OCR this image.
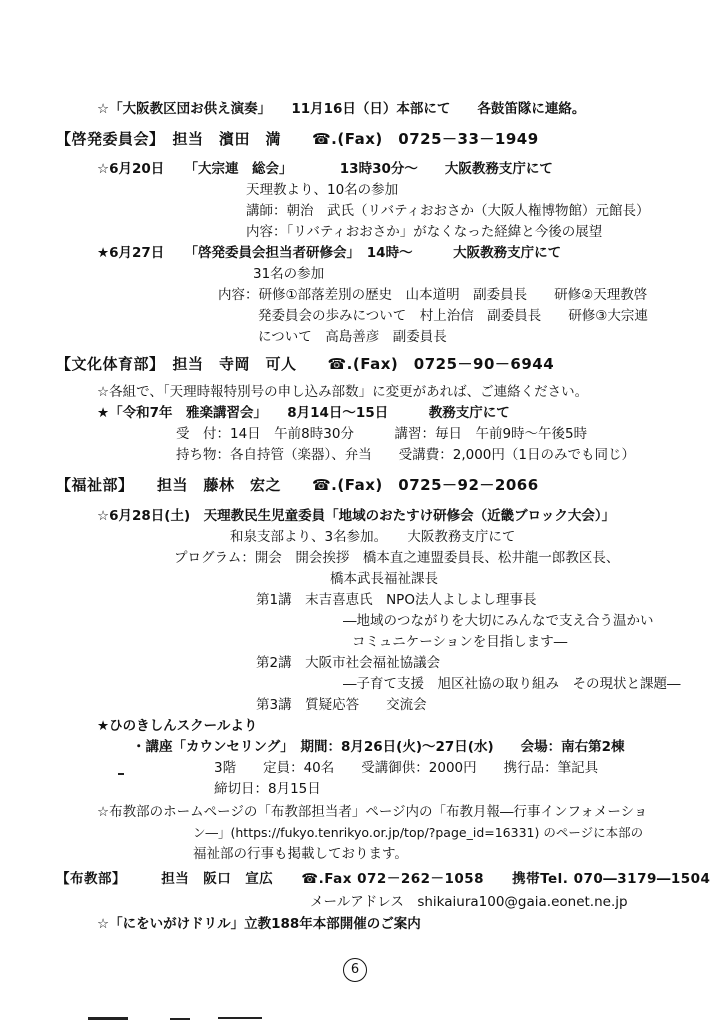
☆「大阪教区団お供え演奏」　　11月16日（日）本部にて　　各鼓笛隊に連絡。
【啓発委員会】　担当　濱田　満　　☎.(Fax)　0725－33－1949
☆6月20日　　「大宗連　総会」　　　　13時30分～　　大阪教務支庁にて
天理教より、10名の参加
講師：朝治　武氏（リバティおおさか（大阪人権博物館）元館長）
内容：「リバティおおさか」がなくなった経緯と今後の展望
★6月27日　　「啓発委員会担当者研修会」　14時～　　　大阪教務支庁にて
31名の参加
内容：研修①部落差別の歴史　山本道明　副委員長　　研修②天理教啓
発委員会の歩みについて　村上治信　副委員長　　研修③大宗連
について　高島善彦　副委員長
【文化体育部】　担当　寺岡　可人　　☎.(Fax)　0725－90－6944
☆各組で、「天理時報特別号の申し込み部数」に変更があれば、ご連絡ください。
★「令和7年　雅楽講習会」　　8月14日～15日　　　教務支庁にて
受　付：14日　午前8時30分　　　講習：毎日　午前9時～午後5時
持ち物：各自持管（楽器）、弁当　　受講費：2,000円（1日のみでも同じ）
【福祉部】　　担当　藤林　宏之　　☎.(Fax)　0725－92－2066
☆6月28日(土)　天理教民生児童委員「地域のおたすけ研修会（近畿ブロック大会）」
和泉支部より、3名参加。　　大阪教務支庁にて
プログラム：開会　開会挨拶　橋本直之連盟委員長、松井龍一郎教区長、
橋本武長福祉課長
第1講　末吉喜恵氏　NPO法人よしよし理事長
―地域のつながりを大切にみんなで支え合う温かい
コミュニケーションを目指します―
第2講　大阪市社会福祉協議会
―子育て支援　旭区社協の取り組み　その現状と課題―
第3講　質疑応答　　交流会
★ひのきしんスクールより
・講座「カウンセリング」　期間：8月26日(火)～27日(水)　　会場：南右第2棟
3階　　定員：40名　　受講御供：2000円　　携行品：筆記具
締切日：8月15日
☆布教部のホームページの「布教部担当者」ページ内の「布教月報―行事インフォメーショ
ン―」(https://fukyo.tenrikyo.or.jp/top/?page_id=16331) のページに本部の
福祉部の行事も掲載しております。
【布教部】　　　担当　阪口　宣広　　☎.Fax 072－262－1058　　携帯Tel. 070―3179―1504
メールアドレス　shikaiura100@gaia.eonet.ne.jp
☆「にをいがけドリル」立教188年本部開催のご案内
6
